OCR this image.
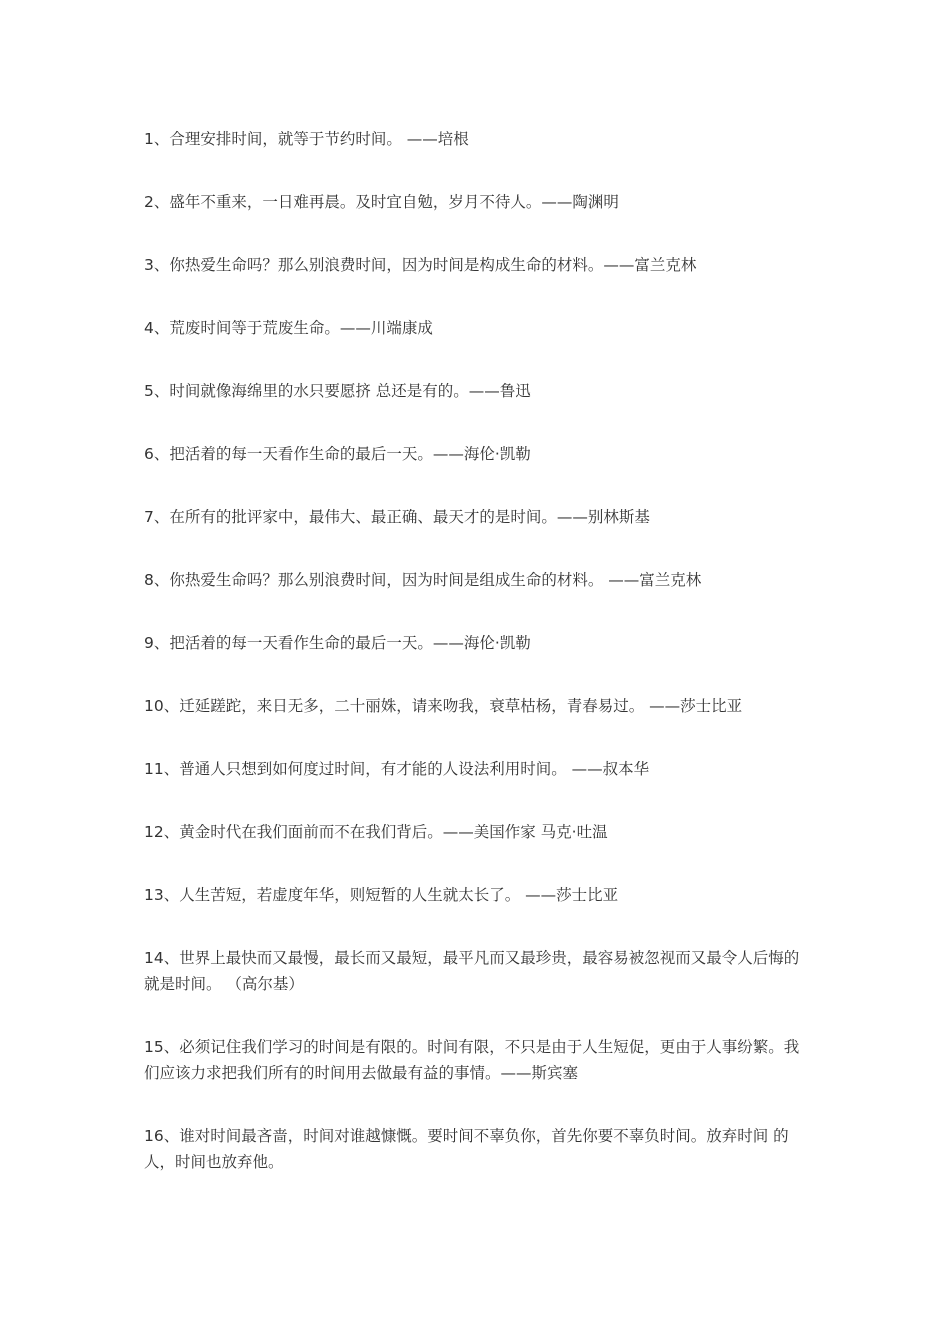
1、合理安排时间，就等于节约时间。 ——培根
2、盛年不重来，一日难再晨。及时宜自勉，岁月不待人。——陶渊明
3、你热爱生命吗？那么别浪费时间，因为时间是构成生命的材料。——富兰克林
4、荒废时间等于荒废生命。——川端康成
5、时间就像海绵里的水只要愿挤 总还是有的。——鲁迅
6、把活着的每一天看作生命的最后一天。——海伦·凯勒
7、在所有的批评家中，最伟大、最正确、最天才的是时间。——别林斯基
8、你热爱生命吗？那么别浪费时间，因为时间是组成生命的材料。 ——富兰克林
9、把活着的每一天看作生命的最后一天。——海伦·凯勒
10、迁延蹉跎，来日无多，二十丽姝，请来吻我，衰草枯杨，青春易过。 ——莎士比亚
11、普通人只想到如何度过时间，有才能的人设法利用时间。 ——叔本华
12、黄金时代在我们面前而不在我们背后。——美国作家 马克·吐温
13、人生苦短，若虚度年华，则短暂的人生就太长了。 ——莎士比亚
14、世界上最快而又最慢，最长而又最短，最平凡而又最珍贵，最容易被忽视而又最令人后悔的就是时间。 （高尔基）
15、必须记住我们学习的时间是有限的。时间有限，不只是由于人生短促，更由于人事纷繁。我们应该力求把我们所有的时间用去做最有益的事情。——斯宾塞
16、谁对时间最吝啬，时间对谁越慷慨。要时间不辜负你，首先你要不辜负时间。放弃时间 的人，时间也放弃他。
